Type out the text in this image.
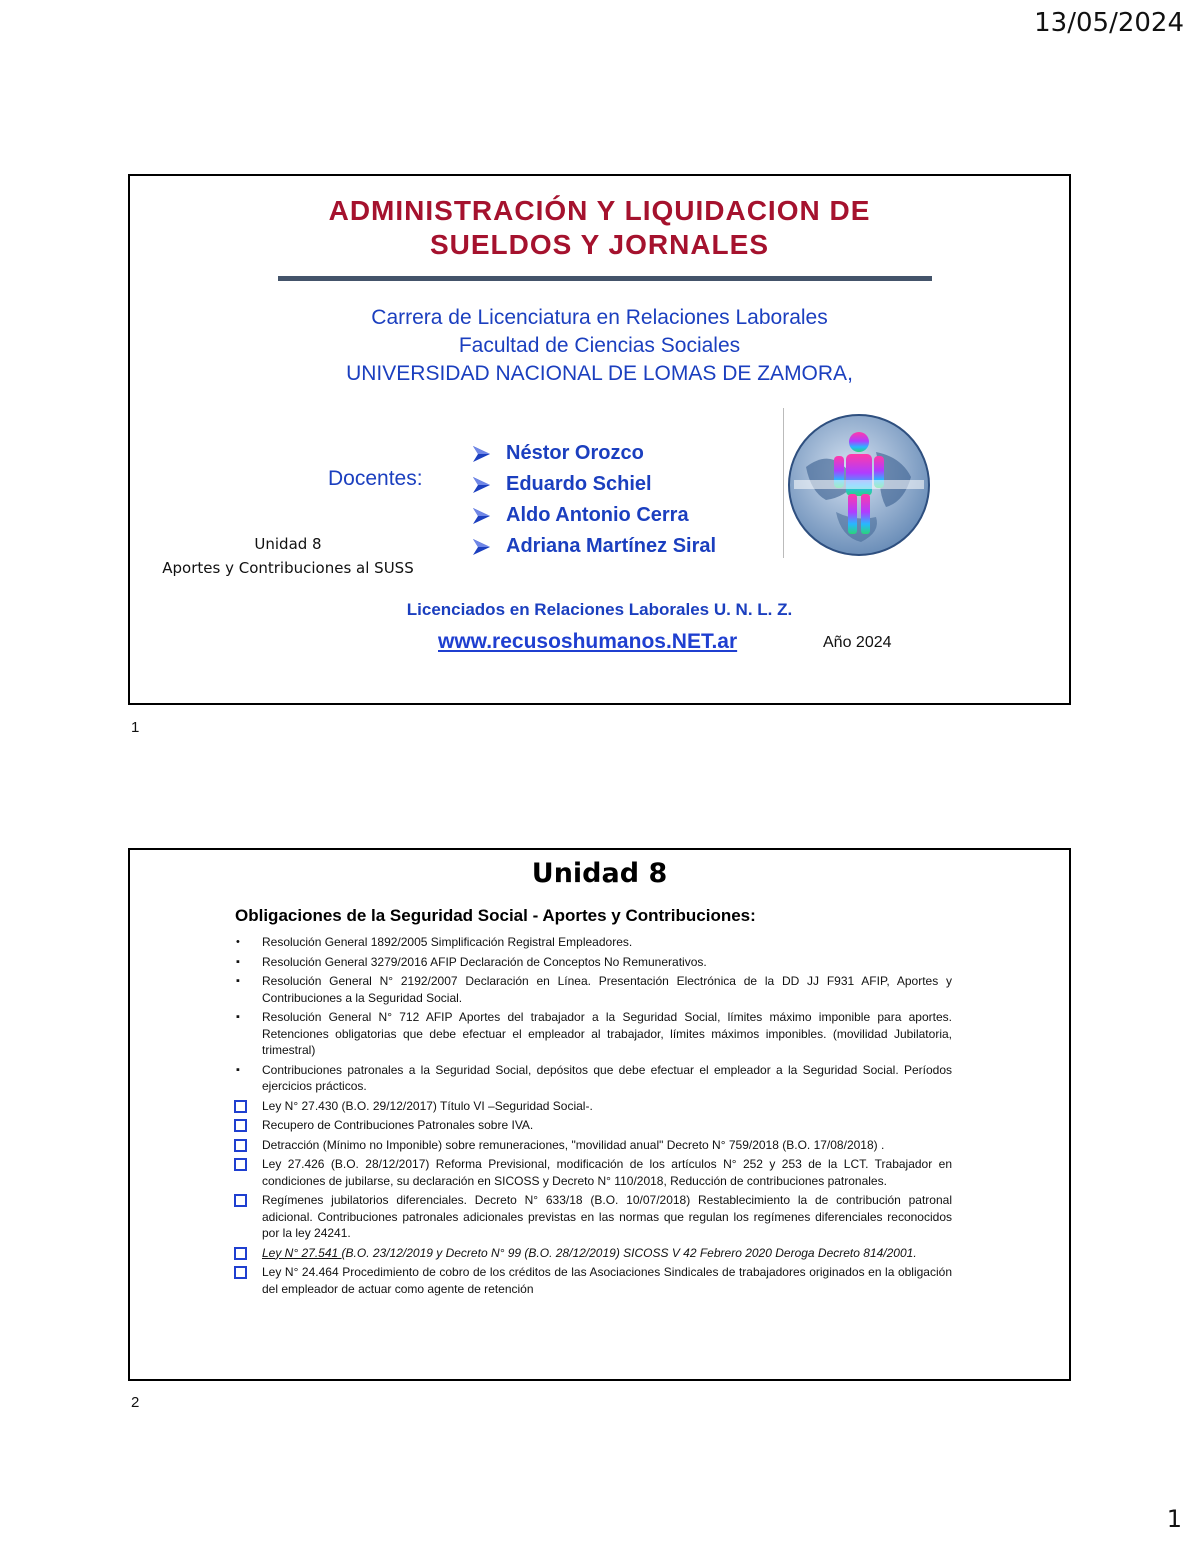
13/05/2024
ADMINISTRACIÓN Y LIQUIDACION DE
SUELDOS Y JORNALES
Carrera de Licenciatura en Relaciones Laborales
Facultad de Ciencias Sociales
UNIVERSIDAD NACIONAL DE LOMAS DE ZAMORA,
Docentes:
Néstor Orozco
Eduardo Schiel
Aldo Antonio Cerra
Adriana Martínez Siral
Unidad 8
Aportes y Contribuciones al SUSS
Licenciados en Relaciones Laborales U. N. L. Z.
www.recusoshumanos.NET.ar	Año 2024
1
Unidad 8
Obligaciones de la Seguridad Social - Aportes y Contribuciones:
• Resolución General 1892/2005 Simplificación Registral Empleadores.
▪ Resolución General 3279/2016 AFIP Declaración de Conceptos No Remunerativos.
▪ Resolución General N° 2192/2007 Declaración en Línea. Presentación Electrónica de la DD JJ F931 AFIP, Aportes y Contribuciones a la Seguridad Social.
▪ Resolución General N° 712 AFIP Aportes del trabajador a la Seguridad Social, límites máximo imponible para aportes. Retenciones obligatorias que debe efectuar el empleador al trabajador, límites máximos imponibles. (movilidad Jubilatoria, trimestral)
▪ Contribuciones patronales a la Seguridad Social, depósitos que debe efectuar el empleador a la Seguridad Social. Períodos ejercicios prácticos.
Ley N° 27.430 (B.O. 29/12/2017) Título VI –Seguridad Social-.
Recupero de Contribuciones Patronales sobre IVA.
Detracción (Mínimo no Imponible) sobre remuneraciones, "movilidad anual" Decreto N° 759/2018 (B.O. 17/08/2018) .
Ley 27.426 (B.O. 28/12/2017) Reforma Previsional, modificación de los artículos N° 252 y 253 de la LCT. Trabajador en condiciones de jubilarse, su declaración en SICOSS y Decreto N° 110/2018, Reducción de contribuciones patronales.
Regímenes jubilatorios diferenciales. Decreto N° 633/18 (B.O. 10/07/2018) Restablecimiento la de contribución patronal adicional. Contribuciones patronales adicionales previstas en las normas que regulan los regímenes diferenciales reconocidos por la ley 24241.
Ley N° 27.541 (B.O. 23/12/2019 y Decreto N° 99 (B.O. 28/12/2019) SICOSS V 42 Febrero 2020 Deroga Decreto 814/2001.
Ley N° 24.464 Procedimiento de cobro de los créditos de las Asociaciones Sindicales de trabajadores originados en la obligación del empleador de actuar como agente de retención
2
1
